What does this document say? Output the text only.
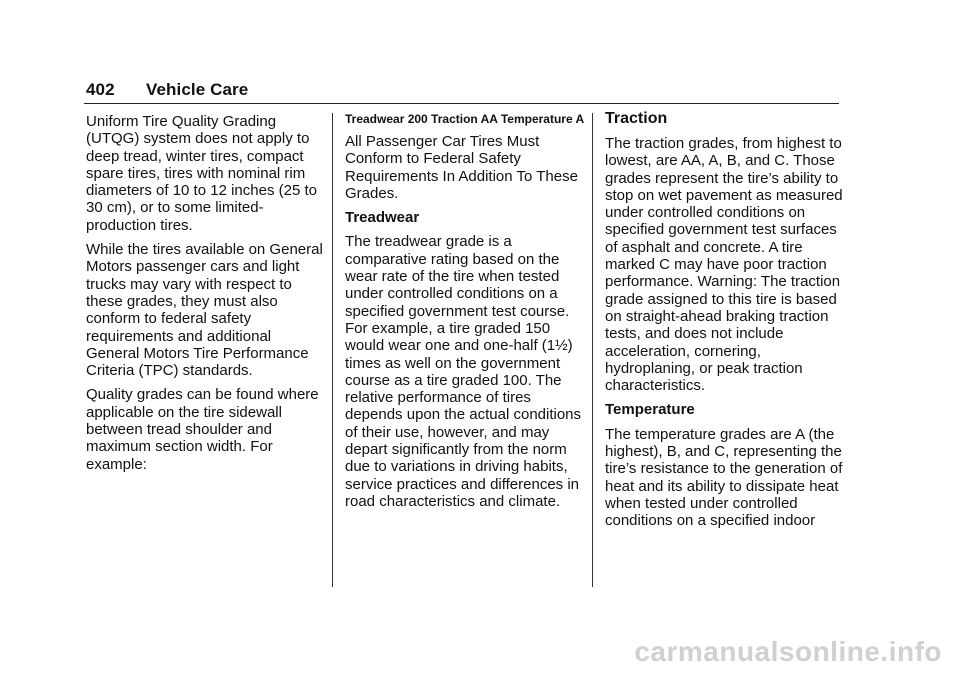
402 Vehicle Care

Uniform Tire Quality Grading (UTQG) system does not apply to deep tread, winter tires, compact spare tires, tires with nominal rim diameters of 10 to 12 inches (25 to 30 cm), or to some limited-production tires.

While the tires available on General Motors passenger cars and light trucks may vary with respect to these grades, they must also conform to federal safety requirements and additional General Motors Tire Performance Criteria (TPC) standards.

Quality grades can be found where applicable on the tire sidewall between tread shoulder and maximum section width. For example:

Treadwear 200 Traction AA Temperature A

All Passenger Car Tires Must Conform to Federal Safety Requirements In Addition To These Grades.

Treadwear

The treadwear grade is a comparative rating based on the wear rate of the tire when tested under controlled conditions on a specified government test course. For example, a tire graded 150 would wear one and one-half (1½) times as well on the government course as a tire graded 100. The relative performance of tires depends upon the actual conditions of their use, however, and may depart significantly from the norm due to variations in driving habits, service practices and differences in road characteristics and climate.

Traction

The traction grades, from highest to lowest, are AA, A, B, and C. Those grades represent the tire’s ability to stop on wet pavement as measured under controlled conditions on specified government test surfaces of asphalt and concrete. A tire marked C may have poor traction performance. Warning: The traction grade assigned to this tire is based on straight-ahead braking traction tests, and does not include acceleration, cornering, hydroplaning, or peak traction characteristics.

Temperature

The temperature grades are A (the highest), B, and C, representing the tire’s resistance to the generation of heat and its ability to dissipate heat when tested under controlled conditions on a specified indoor

carmanualsonline.info
